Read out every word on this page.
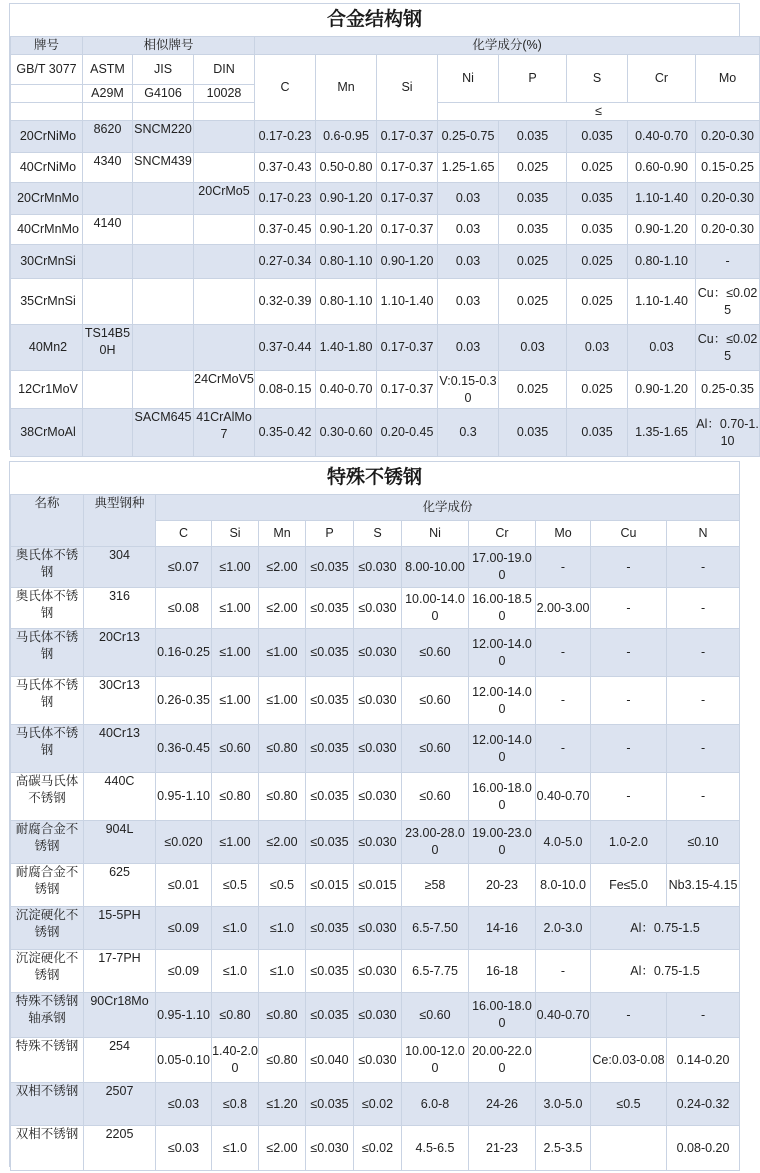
合金结构钢
牌号	相似牌号			化学成分(%)							
GB/T 3077	ASTM	JIS	DIN	C	Mn	Si	Ni	P	S	Cr	Mo
	A29M	G4106	10028								
							≤				
20CrNiMo	8620	SNCM220		0.17-0.23	0.6-0.95	0.17-0.37	0.25-0.75	0.035	0.035	0.40-0.70	0.20-0.30
40CrNiMo	4340	SNCM439		0.37-0.43	0.50-0.80	0.17-0.37	1.25-1.65	0.025	0.025	0.60-0.90	0.15-0.25
20CrMnMo			20CrMo5	0.17-0.23	0.90-1.20	0.17-0.37	0.03	0.035	0.035	1.10-1.40	0.20-0.30
40CrMnMo	4140			0.37-0.45	0.90-1.20	0.17-0.37	0.03	0.035	0.035	0.90-1.20	0.20-0.30
30CrMnSi				0.27-0.34	0.80-1.10	0.90-1.20	0.03	0.025	0.025	0.80-1.10	-
35CrMnSi				0.32-0.39	0.80-1.10	1.10-1.40	0.03	0.025	0.025	1.10-1.40	Cu：≤0.025
40Mn2	TS14B50H			0.37-0.44	1.40-1.80	0.17-0.37	0.03	0.03	0.03	0.03	Cu：≤0.025
12Cr1MoV			24CrMoV5	0.08-0.15	0.40-0.70	0.17-0.37	V:0.15-0.30	0.025	0.025	0.90-1.20	0.25-0.35
38CrMoAl		SACM645	41CrAlMo7	0.35-0.42	0.30-0.60	0.20-0.45	0.3	0.035	0.035	1.35-1.65	Al：0.70-1.10
特殊不锈钢
名称	典型钢种	化学成份									
		C	Si	Mn	P	S	Ni	Cr	Mo	Cu	N
奥氏体不锈钢	304	≤0.07	≤1.00	≤2.00	≤0.035	≤0.030	8.00-10.00	17.00-19.00	-	-	-
奥氏体不锈钢	316	≤0.08	≤1.00	≤2.00	≤0.035	≤0.030	10.00-14.00	16.00-18.50	2.00-3.00	-	-
马氏体不锈钢	20Cr13	0.16-0.25	≤1.00	≤1.00	≤0.035	≤0.030	≤0.60	12.00-14.00	-	-	-
马氏体不锈钢	30Cr13	0.26-0.35	≤1.00	≤1.00	≤0.035	≤0.030	≤0.60	12.00-14.00	-	-	-
马氏体不锈钢	40Cr13	0.36-0.45	≤0.60	≤0.80	≤0.035	≤0.030	≤0.60	12.00-14.00	-	-	-
高碳马氏体不锈钢	440C	0.95-1.10	≤0.80	≤0.80	≤0.035	≤0.030	≤0.60	16.00-18.00	0.40-0.70	-	-
耐腐合金不锈钢	904L	≤0.020	≤1.00	≤2.00	≤0.035	≤0.030	23.00-28.00	19.00-23.00	4.0-5.0	1.0-2.0	≤0.10
耐腐合金不锈钢	625	≤0.01	≤0.5	≤0.5	≤0.015	≤0.015	≥58	20-23	8.0-10.0	Fe≤5.0	Nb3.15-4.15
沉淀硬化不锈钢	15-5PH	≤0.09	≤1.0	≤1.0	≤0.035	≤0.030	6.5-7.50	14-16	2.0-3.0	Al：0.75-1.5	
沉淀硬化不锈钢	17-7PH	≤0.09	≤1.0	≤1.0	≤0.035	≤0.030	6.5-7.75	16-18	-	Al：0.75-1.5	
特殊不锈钢轴承钢	90Cr18Mo	0.95-1.10	≤0.80	≤0.80	≤0.035	≤0.030	≤0.60	16.00-18.00	0.40-0.70	-	-
特殊不锈钢	254	0.05-0.10	1.40-2.00	≤0.80	≤0.040	≤0.030	10.00-12.00	20.00-22.00		Ce:0.03-0.08	0.14-0.20
双相不锈钢	2507	≤0.03	≤0.8	≤1.20	≤0.035	≤0.02	6.0-8	24-26	3.0-5.0	≤0.5	0.24-0.32
双相不锈钢	2205	≤0.03	≤1.0	≤2.00	≤0.030	≤0.02	4.5-6.5	21-23	2.5-3.5		0.08-0.20
